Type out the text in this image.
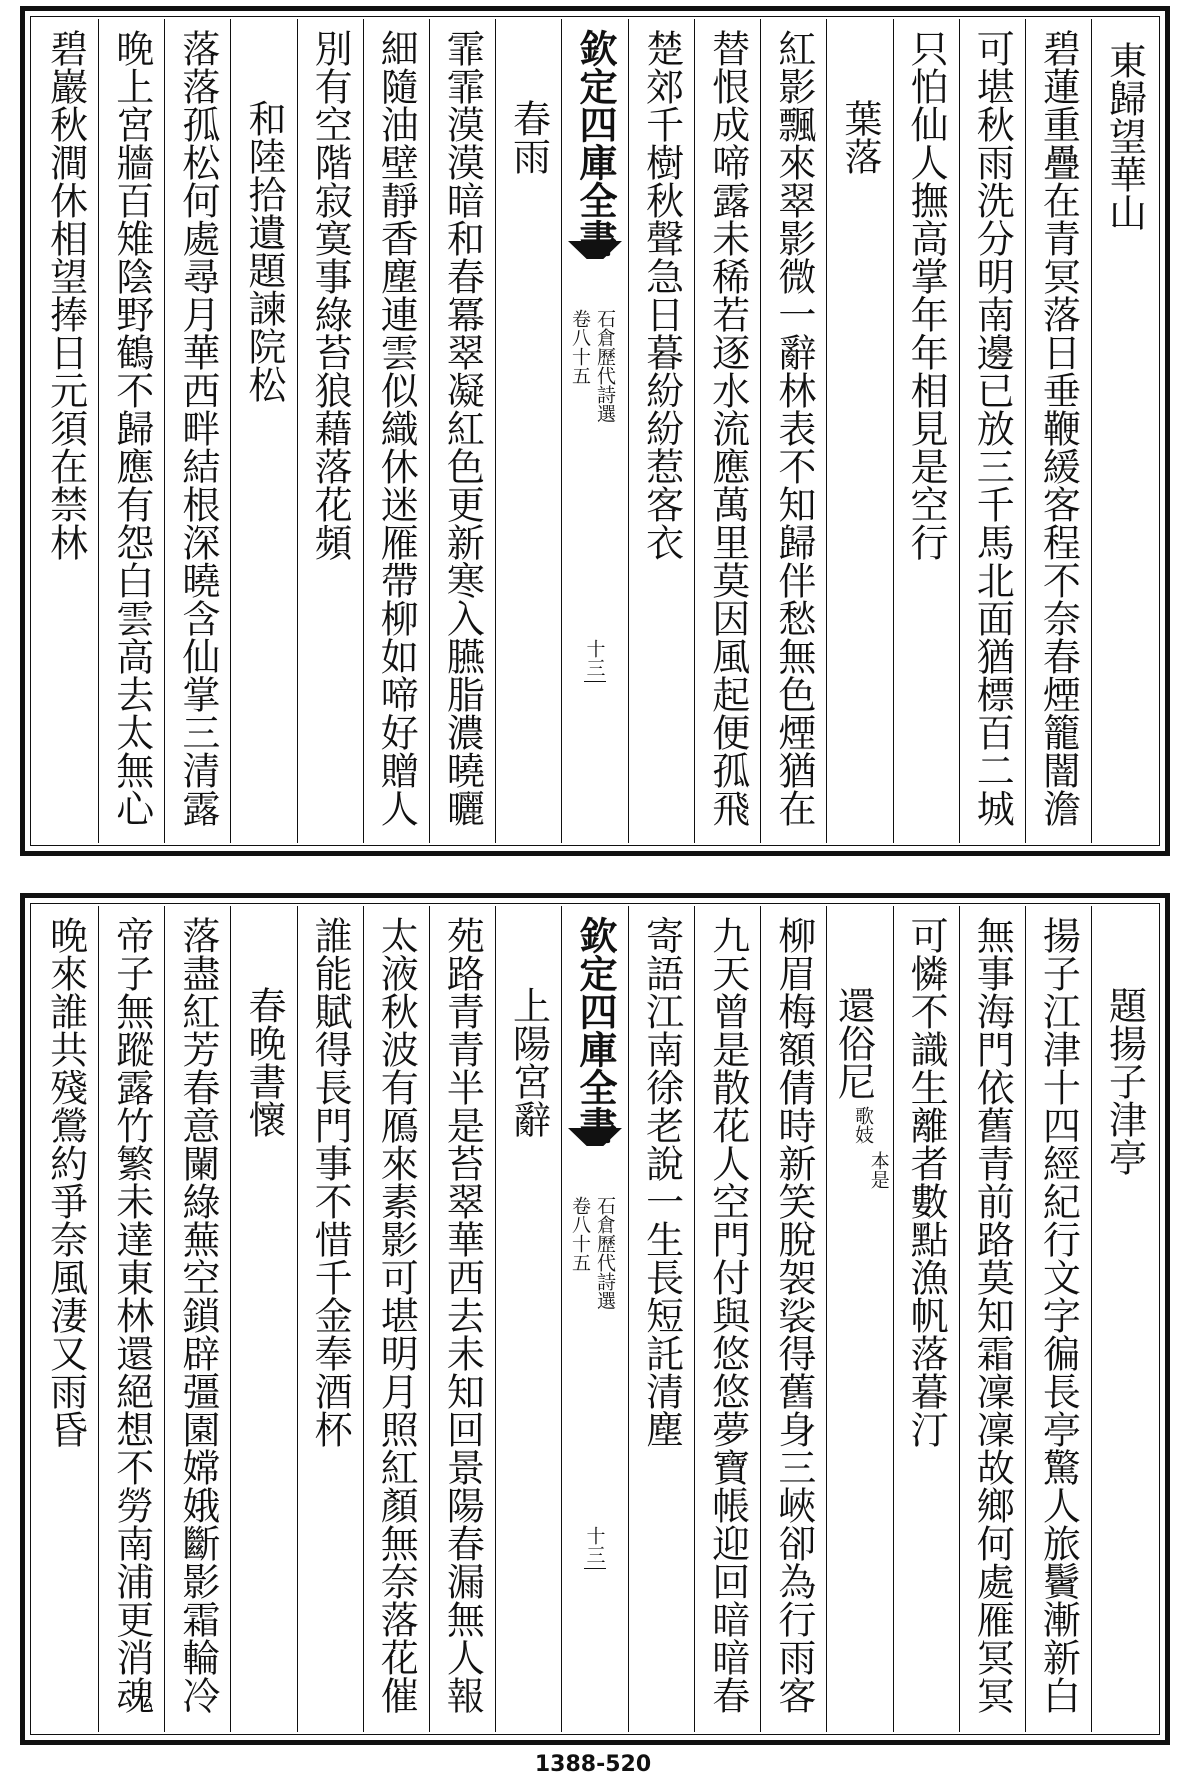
東歸望華山
碧蓮重疊在青冥落日垂鞭緩客程不奈春煙籠闇澹
可堪秋雨洗分明南邊已放三千馬北面猶標百二城
只怕仙人撫高掌年年相見是空行
葉落
紅影飄來翠影微一辭林表不知歸伴愁無色煙猶在
替恨成啼露未稀若逐水流應萬里莫因風起便孤飛
楚郊千樹秋聲急日暮紛紛惹客衣
欽定四庫全書
石倉歷代詩選
卷八十五
十三
春雨
霏霏漠漠暗和春冪翠凝紅色更新寒入臙脂濃曉曬
細隨油壁靜香塵連雲似織休迷雁帶柳如啼好贈人
別有空階寂寞事綠苔狼藉落花頻
和陸拾遺題諫院松
落落孤松何處尋月華西畔結根深曉含仙掌三清露
晚上宮牆百雉陰野鶴不歸應有怨白雲高去太無心
碧巖秋澗休相望捧日元須在禁林
題揚子津亭
揚子江津十四經紀行文字徧長亭驚人旅鬢漸新白
無事海門依舊青前路莫知霜凜凜故鄉何處雁冥冥
可憐不識生離者數點漁帆落暮汀
還俗尼
本是
歌妓
柳眉梅額倩時新笑脫袈裟得舊身三峽卻為行雨客
九天曾是散花人空門付與悠悠夢寶帳迎回暗暗春
寄語江南徐老說一生長短託清塵
欽定四庫全書
石倉歷代詩選
卷八十五
十三
上陽宮辭
苑路青青半是苔翠華西去未知回景陽春漏無人報
太液秋波有鴈來素影可堪明月照紅顏無奈落花催
誰能賦得長門事不惜千金奉酒杯
春晚書懷
落盡紅芳春意闌綠蕪空鎖辟彊園嫦娥斷影霜輪冷
帝子無蹤露竹繁未達東林還絕想不勞南浦更消魂
晚來誰共殘鶯約爭奈風淒又雨昏
1388-520
